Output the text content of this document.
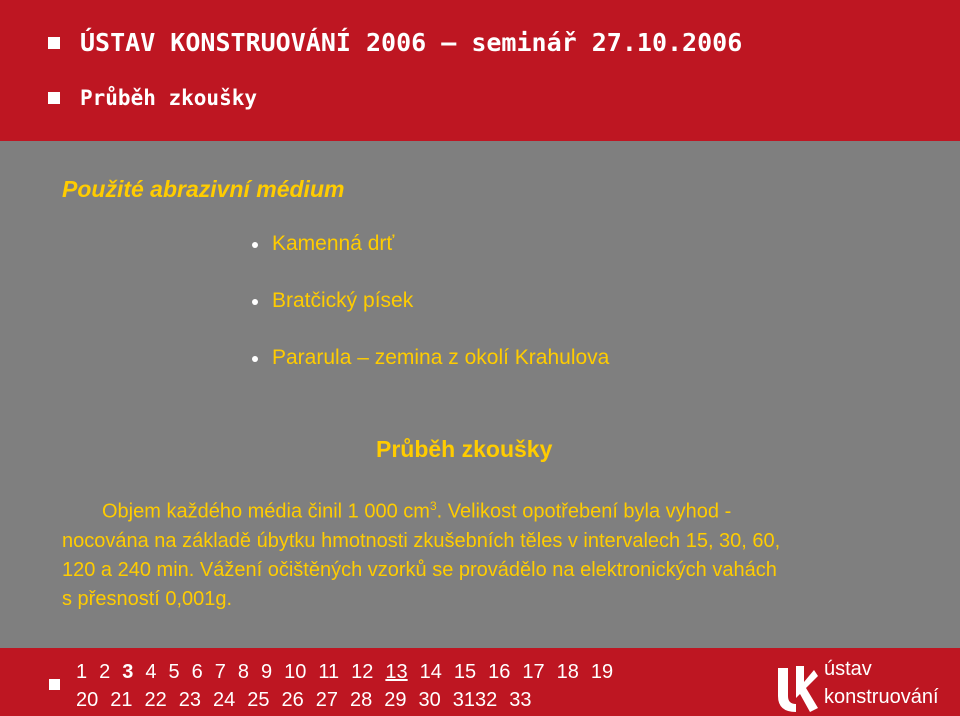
ÚSTAV KONSTRUOVÁNÍ 2006 – seminář 27.10.2006
Průběh zkoušky
Použité abrazivní médium
Kamenná drť
Bratčický písek
Pararula – zemina z okolí Krahulova
Průběh zkoušky

Objem každého média činil 1 000 $cm^3$. Velikost opotřebení byla vyhod -

nocována na základě úbytku hmotnosti zkušebních těles v intervalech 15, 30, 60,

120 a 240 min. Vážení očištěných vzorků se provádělo na elektronických vahách

s přesností 0,001g.

1 2 3 4 5 6 7 8 9 10 11 12 13 14 15 16 17 18 19
20 21 22 23 24 25 26 27 28 29 30 3132 33
ústav
konstruování
